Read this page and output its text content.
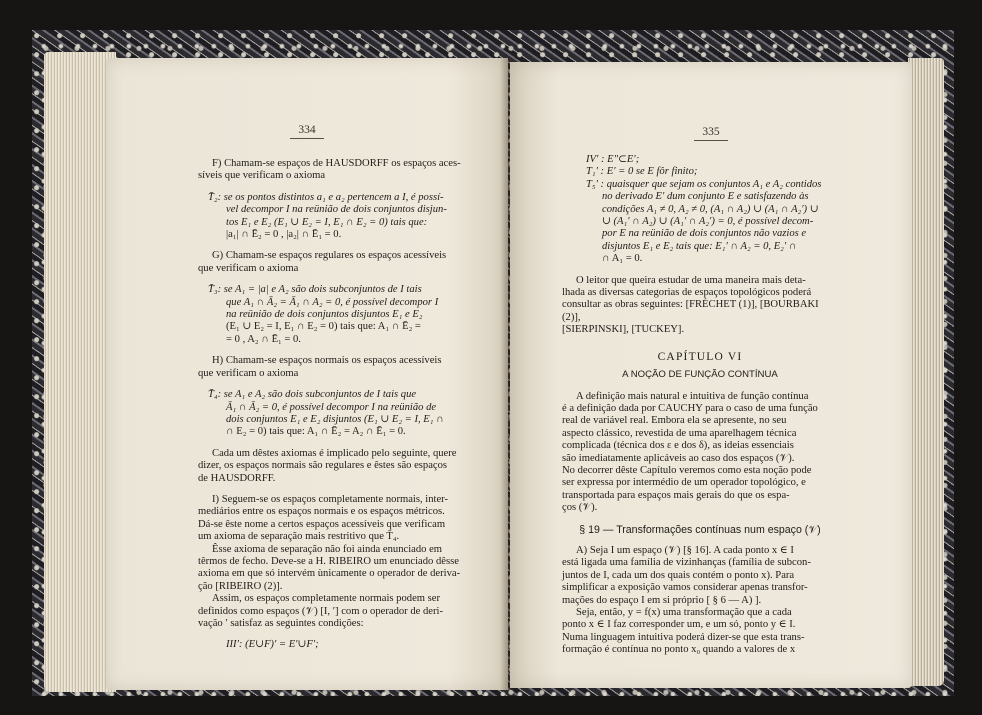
334

F) Chamam-se espaços de HAUSDORFF os espaços aces-

síveis que verificam o axioma

T̄₂: se os pontos distintos a₁ e a₂ pertencem a I, é possí-

vel decompor I na reünião de dois conjuntos disjun-

tos E₁ e E₂ (E₁ ∪ E₂ = I, E₁ ∩ E₂ = 0) tais que:

|a₁| ∩ Ē₂ = 0 , |a₂| ∩ Ē₁ = 0.

G) Chamam-se espaços regulares os espaços acessíveis

que verificam o axioma

T̄₃: se A₁ = |a| e A₂ são dois subconjuntos de I tais

que A₁ ∩ Ā₂ = Ā₁ ∩ A₂ = 0, é possível decompor I

na reünião de dois conjuntos disjuntos E₁ e E₂

(E₁ ∪ E₂ = I, E₁ ∩ E₂ = 0) tais que: A₁ ∩ Ē₂ =

= 0 , A₂ ∩ Ē₁ = 0.

H) Chamam-se espaços normais os espaços acessíveis

que verificam o axioma

T̄₄: se A₁ e A₂ são dois subconjuntos de I tais que

Ā₁ ∩ Ā₂ = 0, é possível decompor I na reünião de

dois conjuntos E₁ e E₂ disjuntos (E₁ ∪ E₂ = I, E₁ ∩

∩ E₂ = 0) tais que: A₁ ∩ Ē₂ = A₂ ∩ Ē₁ = 0.

Cada um dêstes axiomas é implicado pelo seguinte, quere

dizer, os espaços normais são regulares e êstes são espaços

de HAUSDORFF.

I) Seguem-se os espaços completamente normais, inter-

mediários entre os espaços normais e os espaços métricos.

Dá-se êste nome a certos espaços acessíveis que verificam

um axioma de separação mais restritivo que T̄₄.

Êsse axioma de separação não foi ainda enunciado em

têrmos de fecho. Deve-se a H. RIBEIRO um enunciado dêsse

axioma em que só intervém ùnicamente o operador de deriva-

ção [RIBEIRO (2)].

Assim, os espaços completamente normais podem ser

definidos como espaços (𝒱) [I, ′] com o operador de deri-

vação ′ satisfaz as seguintes condições:

III′: (E∪F)′ = E′∪F′;

335

IV′ : E″⊂E′;

T₁′ : E′ = 0 se E fôr finito;

T₅′ : quaisquer que sejam os conjuntos A₁ e A₂ contidos

no derivado E′ dum conjunto E e satisfazendo às

condições A₁ ≠ 0, A₂ ≠ 0, (A₁ ∩ A₂) ∪ (A₁ ∩ A₂′) ∪

∪ (A₁′ ∩ A₂) ∪ (A₁′ ∩ A₂′) = 0, é possível decom-

por E na reünião de dois conjuntos não vazios e

disjuntos E₁ e E₂ tais que: E₁′ ∩ A₂ = 0, E₂′ ∩

∩ A₁ = 0.

O leitor que queira estudar de uma maneira mais deta-

lhada as diversas categorias de espaços topológicos poderá

consultar as obras seguintes: [FRÉCHET (1)], [BOURBAKI (2)],

[SIERPINSKI], [TUCKEY].

CAPÍTULO VI

A NOÇÃO DE FUNÇÃO CONTÍNUA

A definição mais natural e intuitiva de função contínua

é a definição dada por CAUCHY para o caso de uma função

real de variável real. Embora ela se apresente, no seu

aspecto clássico, revestida de uma aparelhagem técnica

complicada (técnica dos ε e dos δ), as ideias essenciais

são imediatamente aplicáveis ao caso dos espaços (𝒱).

No decorrer dêste Capítulo veremos como esta noção pode

ser expressa por intermédio de um operador topológico, e

transportada para espaços mais gerais do que os espa-

ços (𝒱).

§ 19 — Transformações contínuas num espaço (𝒱)

A) Seja I um espaço (𝒱) [§ 16]. A cada ponto x ∈ I

está ligada uma família de vizinhanças (família de subcon-

juntos de I, cada um dos quais contém o ponto x). Para

simplificar a exposição vamos considerar apenas transfor-

mações do espaço I em si próprio [ § 6 — A) ].

Seja, então, y = f(x) uma transformação que a cada

ponto x ∈ I faz corresponder um, e um só, ponto y ∈ I.

Numa linguagem intuitiva poderá dizer-se que esta trans-

formação é contínua no ponto x₀ quando a valores de x
